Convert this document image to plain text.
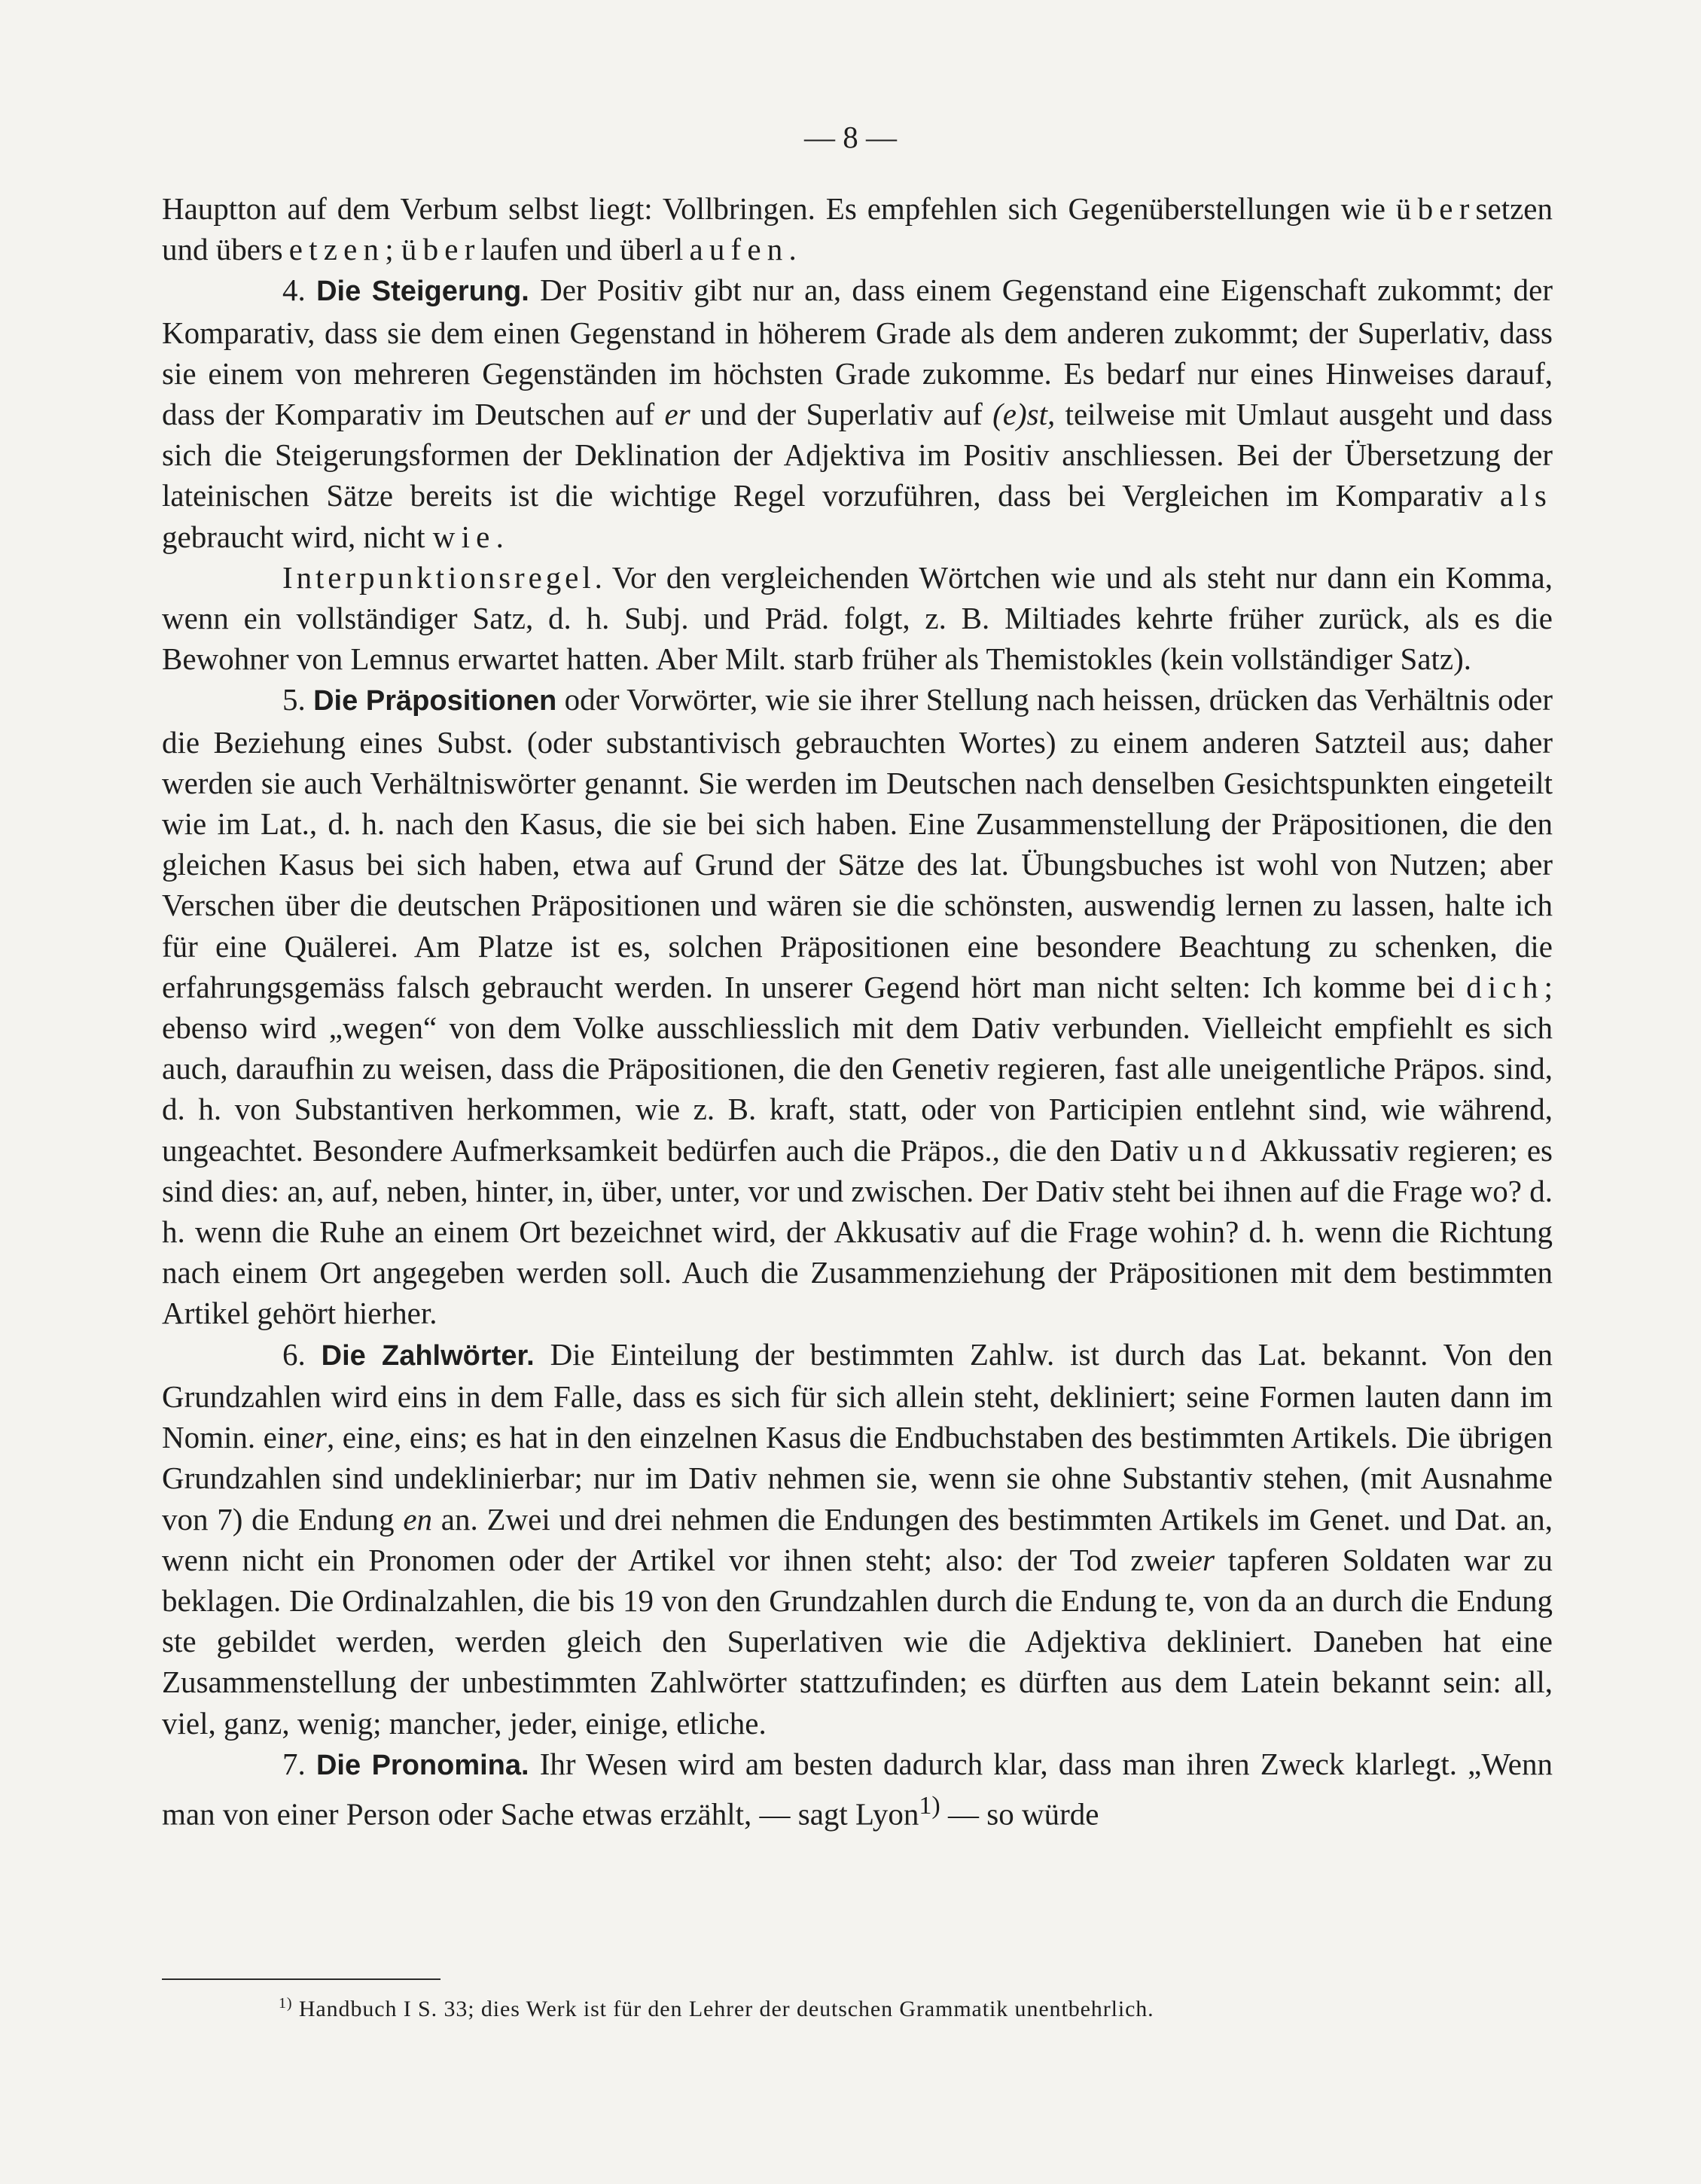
— 8 —

Hauptton auf dem Verbum selbst liegt: Vollbringen. Es empfehlen sich Gegenüberstellungen wie übersetzen und übersetzen; überlaufen und überlaufen.

4. Die Steigerung. Der Positiv gibt nur an, dass einem Gegenstand eine Eigenschaft zukommt; der Komparativ, dass sie dem einen Gegenstand in höherem Grade als dem anderen zukommt; der Superlativ, dass sie einem von mehreren Gegenständen im höchsten Grade zukomme. Es bedarf nur eines Hinweises darauf, dass der Komparativ im Deutschen auf er und der Superlativ auf (e)st, teilweise mit Umlaut ausgeht und dass sich die Steigerungsformen der Deklination der Adjektiva im Positiv anschliessen. Bei der Übersetzung der lateinischen Sätze bereits ist die wichtige Regel vorzuführen, dass bei Vergleichen im Komparativ als gebraucht wird, nicht wie.

Interpunktionsregel. Vor den vergleichenden Wörtchen wie und als steht nur dann ein Komma, wenn ein vollständiger Satz, d. h. Subj. und Präd. folgt, z. B. Miltiades kehrte früher zurück, als es die Bewohner von Lemnus erwartet hatten. Aber Milt. starb früher als Themistokles (kein vollständiger Satz).

5. Die Präpositionen oder Vorwörter, wie sie ihrer Stellung nach heissen, drücken das Verhältnis oder die Beziehung eines Subst. (oder substantivisch gebrauchten Wortes) zu einem anderen Satzteil aus; daher werden sie auch Verhältniswörter genannt. Sie werden im Deutschen nach denselben Gesichtspunkten eingeteilt wie im Lat., d. h. nach den Kasus, die sie bei sich haben. Eine Zusammenstellung der Präpositionen, die den gleichen Kasus bei sich haben, etwa auf Grund der Sätze des lat. Übungsbuches ist wohl von Nutzen; aber Verschen über die deutschen Präpositionen und wären sie die schönsten, auswendig lernen zu lassen, halte ich für eine Quälerei. Am Platze ist es, solchen Präpositionen eine besondere Beachtung zu schenken, die erfahrungsgemäss falsch gebraucht werden. In unserer Gegend hört man nicht selten: Ich komme bei dich; ebenso wird „wegen“ von dem Volke ausschliesslich mit dem Dativ verbunden. Vielleicht empfiehlt es sich auch, daraufhin zu weisen, dass die Präpositionen, die den Genetiv regieren, fast alle uneigentliche Präpos. sind, d. h. von Substantiven herkommen, wie z. B. kraft, statt, oder von Participien entlehnt sind, wie während, ungeachtet. Besondere Aufmerksamkeit bedürfen auch die Präpos., die den Dativ und Akkussativ regieren; es sind dies: an, auf, neben, hinter, in, über, unter, vor und zwischen. Der Dativ steht bei ihnen auf die Frage wo? d. h. wenn die Ruhe an einem Ort bezeichnet wird, der Akkusativ auf die Frage wohin? d. h. wenn die Richtung nach einem Ort angegeben werden soll. Auch die Zusammenziehung der Präpositionen mit dem bestimmten Artikel gehört hierher.

6. Die Zahlwörter. Die Einteilung der bestimmten Zahlw. ist durch das Lat. bekannt. Von den Grundzahlen wird eins in dem Falle, dass es sich für sich allein steht, dekliniert; seine Formen lauten dann im Nomin. einer, eine, eins; es hat in den einzelnen Kasus die Endbuchstaben des bestimmten Artikels. Die übrigen Grundzahlen sind undeklinierbar; nur im Dativ nehmen sie, wenn sie ohne Substantiv stehen, (mit Ausnahme von 7) die Endung en an. Zwei und drei nehmen die Endungen des bestimmten Artikels im Genet. und Dat. an, wenn nicht ein Pronomen oder der Artikel vor ihnen steht; also: der Tod zweier tapferen Soldaten war zu beklagen. Die Ordinalzahlen, die bis 19 von den Grundzahlen durch die Endung te, von da an durch die Endung ste gebildet werden, werden gleich den Superlativen wie die Adjektiva dekliniert. Daneben hat eine Zusammenstellung der unbestimmten Zahlwörter stattzufinden; es dürften aus dem Latein bekannt sein: all, viel, ganz, wenig; mancher, jeder, einige, etliche.

7. Die Pronomina. Ihr Wesen wird am besten dadurch klar, dass man ihren Zweck klarlegt. „Wenn man von einer Person oder Sache etwas erzählt, — sagt Lyon$^{1)}$ — so würde

$^{1)}$ Handbuch I S. 33; dies Werk ist für den Lehrer der deutschen Grammatik unentbehrlich.
